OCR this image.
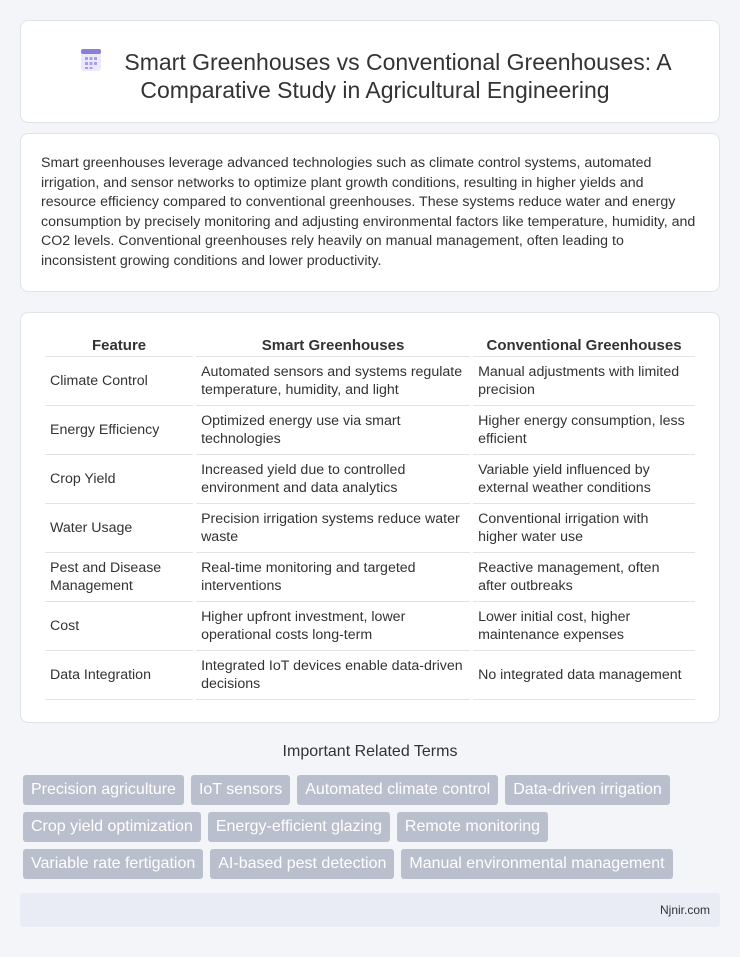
Smart Greenhouses vs Conventional Greenhouses: A Comparative Study in Agricultural Engineering

Smart greenhouses leverage advanced technologies such as climate control systems, automated irrigation, and sensor networks to optimize plant growth conditions, resulting in higher yields and resource efficiency compared to conventional greenhouses. These systems reduce water and energy consumption by precisely monitoring and adjusting environmental factors like temperature, humidity, and CO2 levels. Conventional greenhouses rely heavily on manual management, often leading to inconsistent growing conditions and lower productivity.

Feature	Smart Greenhouses	Conventional Greenhouses
Climate Control	Automated sensors and systems regulate temperature, humidity, and light	Manual adjustments with limited precision
Energy Efficiency	Optimized energy use via smart technologies	Higher energy consumption, less efficient
Crop Yield	Increased yield due to controlled environment and data analytics	Variable yield influenced by external weather conditions
Water Usage	Precision irrigation systems reduce water waste	Conventional irrigation with higher water use
Pest and Disease Management	Real-time monitoring and targeted interventions	Reactive management, often after outbreaks
Cost	Higher upfront investment, lower operational costs long-term	Lower initial cost, higher maintenance expenses
Data Integration	Integrated IoT devices enable data-driven decisions	No integrated data management
Important Related Terms
Precision agriculture	IoT sensors	Automated climate control	Data-driven irrigation
Crop yield optimization	Energy-efficient glazing	Remote monitoring
Variable rate fertigation	AI-based pest detection	Manual environmental management
Njnir.com
